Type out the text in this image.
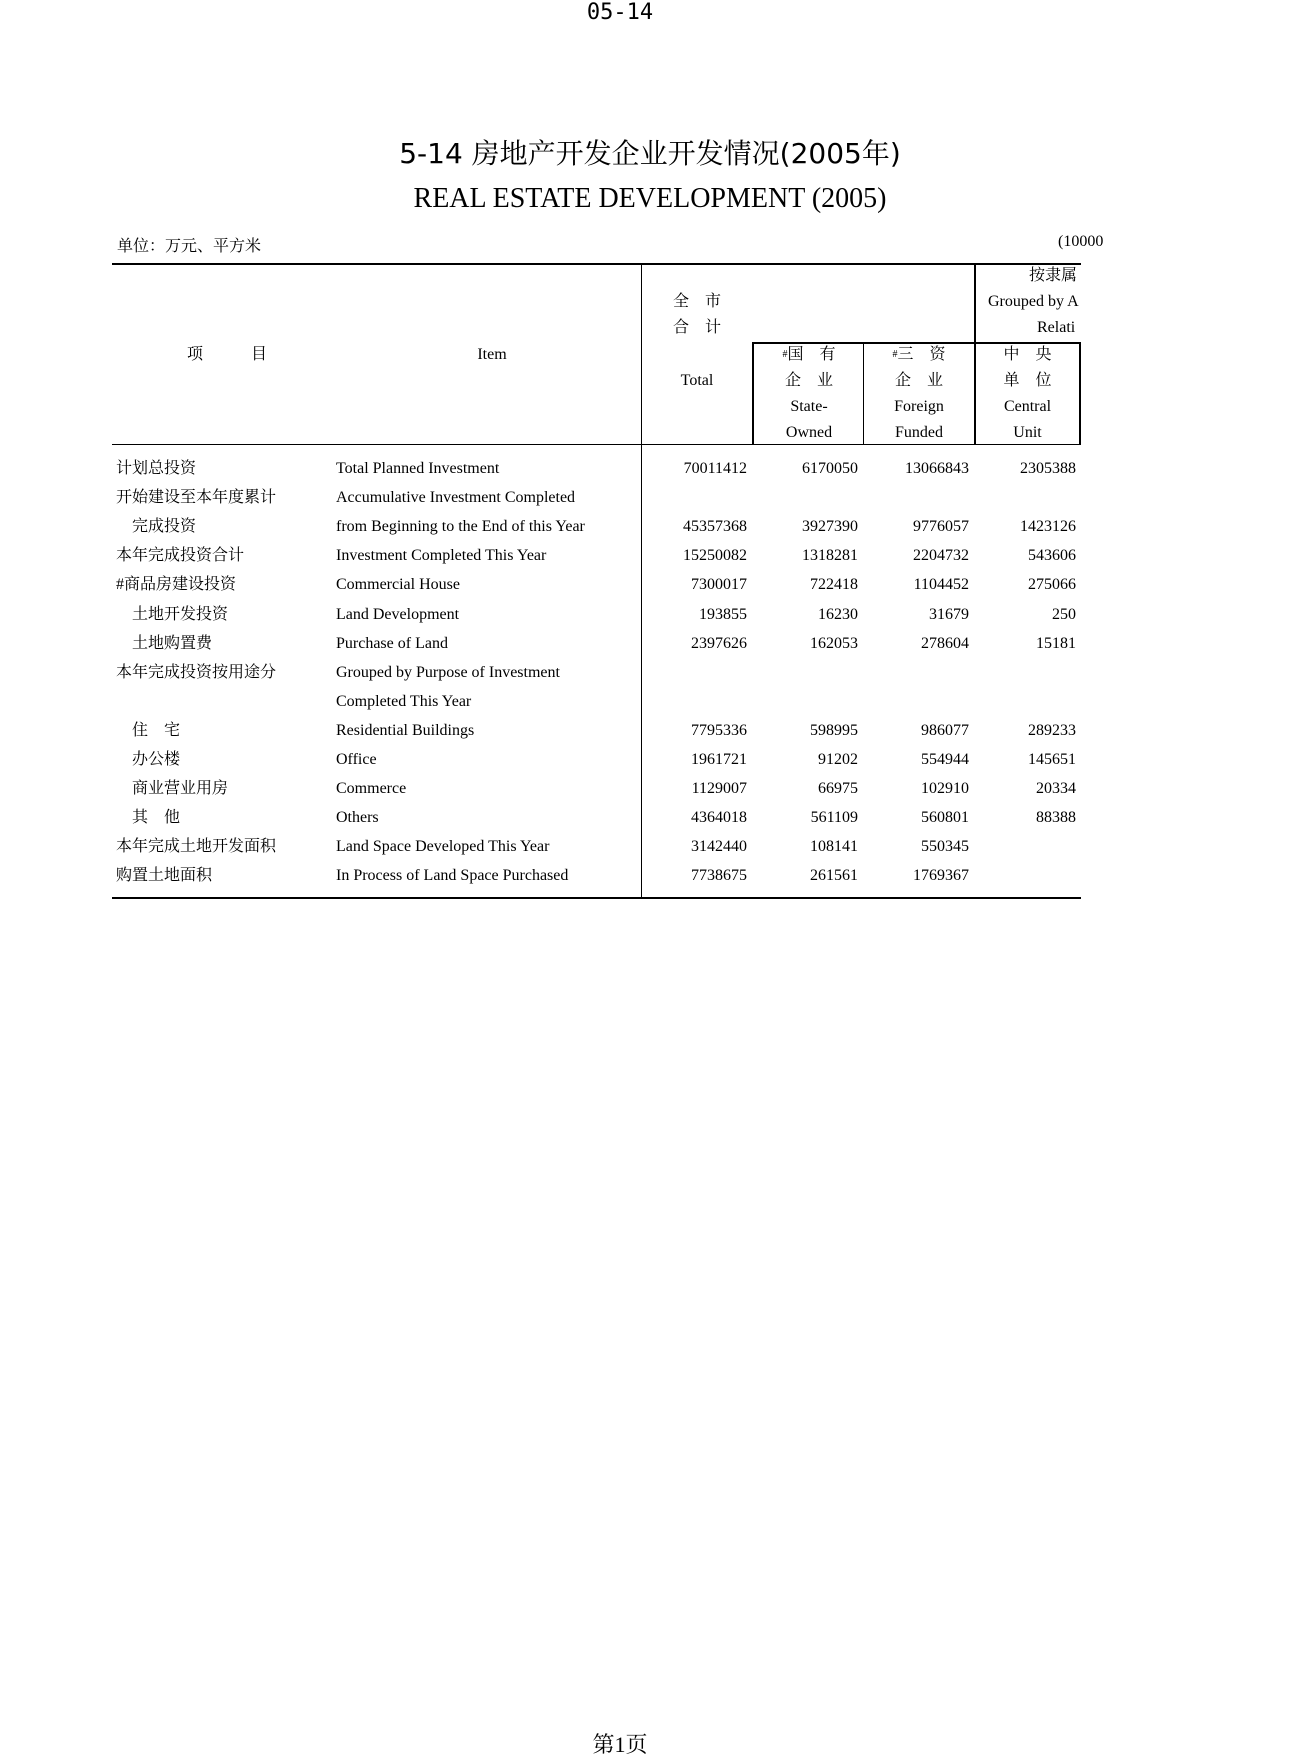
05-14
5-14 房地产开发企业开发情况(2005年)
REAL ESTATE DEVELOPMENT (2005)
单位：万元、平方米	(10000
项　　　目	Item
全　市
合　计
Total
按隶属
Grouped by A
Relati
#国　有
企　业
State-
Owned
#三　资
企　业
Foreign
Funded
中　央
单　位
Central
Unit
计划总投资	Total Planned Investment	70011412	6170050	13066843	2305388
开始建设至本年度累计	Accumulative Investment Completed
　完成投资	from Beginning to the End of this Year	45357368	3927390	9776057	1423126
本年完成投资合计	Investment Completed This Year	15250082	1318281	2204732	543606
#商品房建设投资	Commercial House	7300017	722418	1104452	275066
　土地开发投资	Land Development	193855	16230	31679	250
　土地购置费	Purchase of Land	2397626	162053	278604	15181
本年完成投资按用途分	Grouped by Purpose of Investment
Completed This Year
　住　宅	Residential Buildings	7795336	598995	986077	289233
　办公楼	Office	1961721	91202	554944	145651
　商业营业用房	Commerce	1129007	66975	102910	20334
　其　他	Others	4364018	561109	560801	88388
本年完成土地开发面积	Land Space Developed This Year	3142440	108141	550345
购置土地面积	In Process of Land Space Purchased	7738675	261561	1769367
第1页
